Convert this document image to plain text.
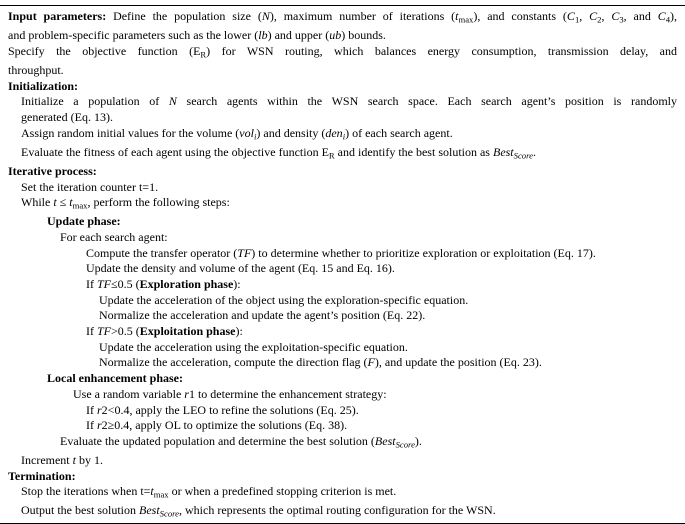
Input parameters: Define the population size (N), maximum number of iterations $(t_{max})$, and constants ($C_1$, $C_2$, $C_3$, and $C_4$),
and problem-specific parameters such as the lower (lb) and upper (ub) bounds.
Specify the objective function $(E_R)$ for WSN routing, which balances energy consumption, transmission delay, and
throughput.
Initialization:
Initialize a population of N search agents within the WSN search space. Each search agent’s position is randomly
generated (Eq. 13).
Assign random initial values for the volume (vol$_i$) and density (den$_i$) of each search agent.
Evaluate the fitness of each agent using the objective function $E_R$ and identify the best solution as Best$_{Score}$.
Iterative process:
Set the iteration counter t=1.
While $t \le t_{max}$, perform the following steps:
Update phase:
For each search agent:
Compute the transfer operator (TF) to determine whether to prioritize exploration or exploitation (Eq. 17).
Update the density and volume of the agent (Eq. 15 and Eq. 16).
If TF≤0.5 (Exploration phase):
Update the acceleration of the object using the exploration-specific equation.
Normalize the acceleration and update the agent’s position (Eq. 22).
If TF>0.5 (Exploitation phase):
Update the acceleration using the exploitation-specific equation.
Normalize the acceleration, compute the direction flag (F), and update the position (Eq. 23).
Local enhancement phase:
Use a random variable r1 to determine the enhancement strategy:
If r2<0.4, apply the LEO to refine the solutions (Eq. 25).
If r2≥0.4, apply OL to optimize the solutions (Eq. 38).
Evaluate the updated population and determine the best solution (Best$_{Score}$).
Increment t by 1.
Termination:
Stop the iterations when $t=t_{max}$ or when a predefined stopping criterion is met.
Output the best solution Best$_{Score}$, which represents the optimal routing configuration for the WSN.
